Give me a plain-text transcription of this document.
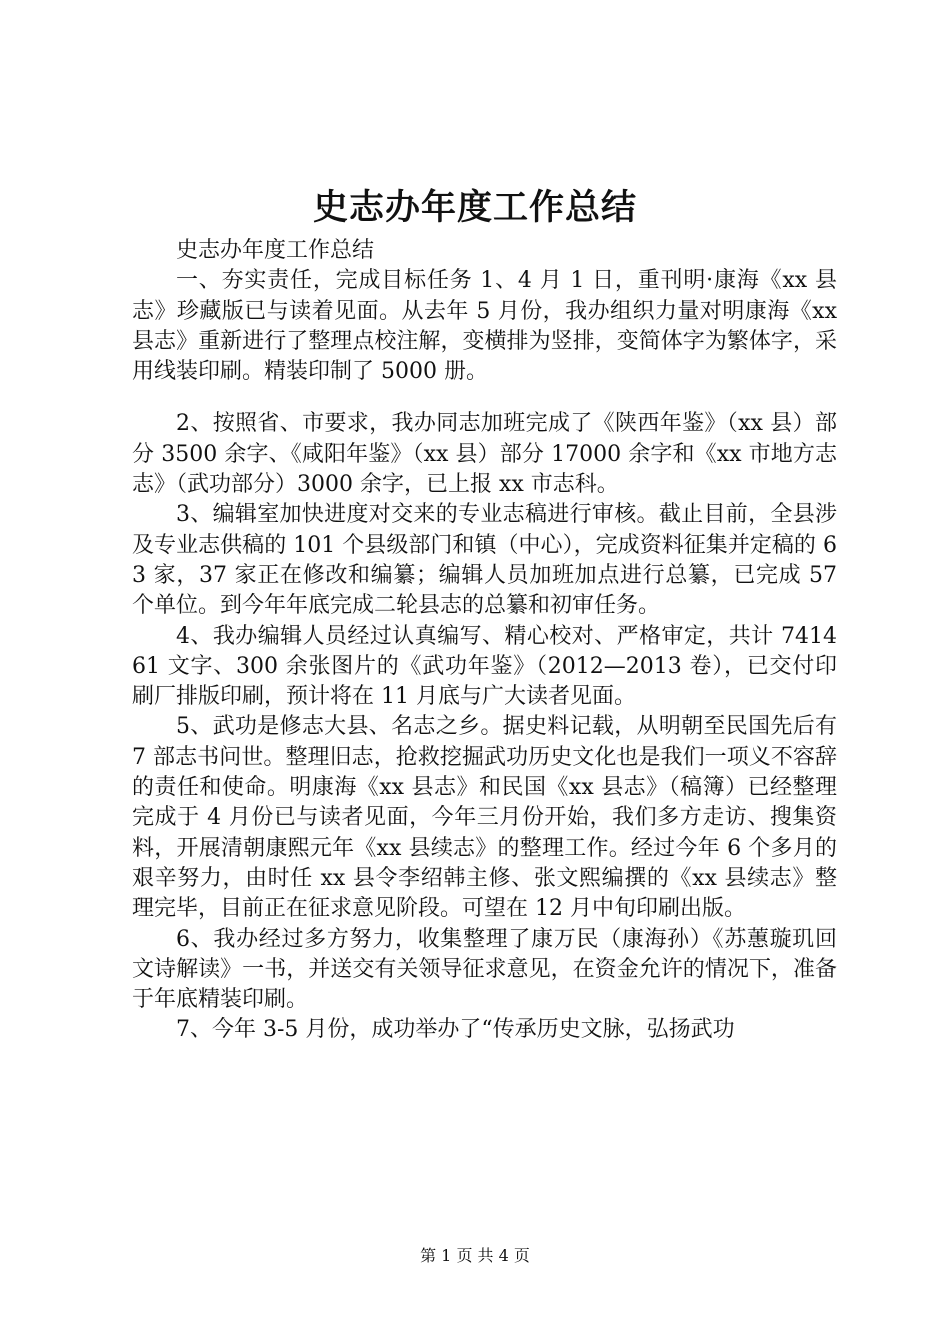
史志办年度工作总结

史志办年度工作总结

一、夯实责任，完成目标任务 1、4 月 1 日，重刊明·康海《xx 县志》珍藏版已与读着见面。从去年 5 月份，我办组织力量对明康海《xx 县志》重新进行了整理点校注解，变横排为竖排，变简体字为繁体字，采用线装印刷。精装印制了 5000 册。

2、按照省、市要求，我办同志加班完成了《陕西年鉴》（xx 县）部分 3500 余字、《咸阳年鉴》（xx 县）部分 17000 余字和《xx 市地方志志》（武功部分）3000 余字，已上报 xx 市志科。

3、编辑室加快进度对交来的专业志稿进行审核。截止目前，全县涉及专业志供稿的 101 个县级部门和镇（中心），完成资料征集并定稿的 63 家，37 家正在修改和编纂；编辑人员加班加点进行总纂，已完成 57 个单位。到今年年底完成二轮县志的总纂和初审任务。

4、我办编辑人员经过认真编写、精心校对、严格审定，共计 741461 文字、300 余张图片的《武功年鉴》（2012—2013 卷），已交付印刷厂排版印刷，预计将在 11 月底与广大读者见面。

5、武功是修志大县、名志之乡。据史料记载，从明朝至民国先后有 7 部志书问世。整理旧志，抢救挖掘武功历史文化也是我们一项义不容辞的责任和使命。明康海《xx 县志》和民国《xx 县志》（稿簿）已经整理完成于 4 月份已与读者见面，今年三月份开始，我们多方走访、搜集资料，开展清朝康熙元年《xx 县续志》的整理工作。经过今年 6 个多月的艰辛努力，由时任 xx 县令李绍韩主修、张文熙编撰的《xx 县续志》整理完毕，目前正在征求意见阶段。可望在 12 月中旬印刷出版。

6、我办经过多方努力，收集整理了康万民（康海孙）《苏蕙璇玑回文诗解读》一书，并送交有关领导征求意见，在资金允许的情况下，准备于年底精装印刷。

7、今年 3-5 月份，成功举办了“传承历史文脉，弘扬武功

第 1 页 共 4 页
